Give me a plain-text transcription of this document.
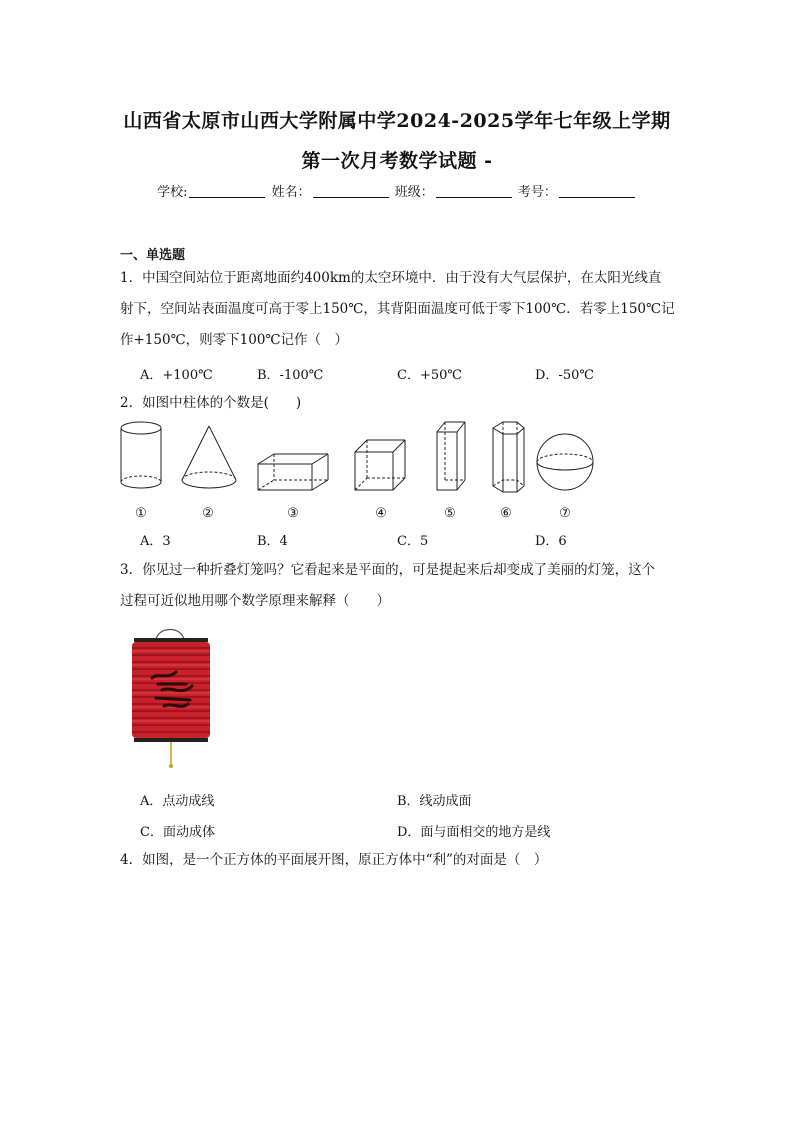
山西省太原市山西大学附属中学2024-2025学年七年级上学期
第一次月考数学试题 -
学校:	姓名：	班级：	考号：
一、单选题
1．中国空间站位于距离地面约400km的太空环境中．由于没有大气层保护，在太阳光线直
射下，空间站表面温度可高于零上150℃，其背阳面温度可低于零下100℃．若零上150℃记
作+150℃，则零下100℃记作（　）
A．+100℃	B．-100℃	C．+50℃	D．-50℃
2．如图中柱体的个数是(　　)
①	②	③	④	⑤	⑥	⑦
A．3	B．4	C．5	D．6
3．你见过一种折叠灯笼吗？它看起来是平面的，可是提起来后却变成了美丽的灯笼，这个
过程可近似地用哪个数学原理来解释（　　）
A．点动成线	B．线动成面
C．面动成体	D．面与面相交的地方是线
4．如图，是一个正方体的平面展开图，原正方体中“利”的对面是（　）
